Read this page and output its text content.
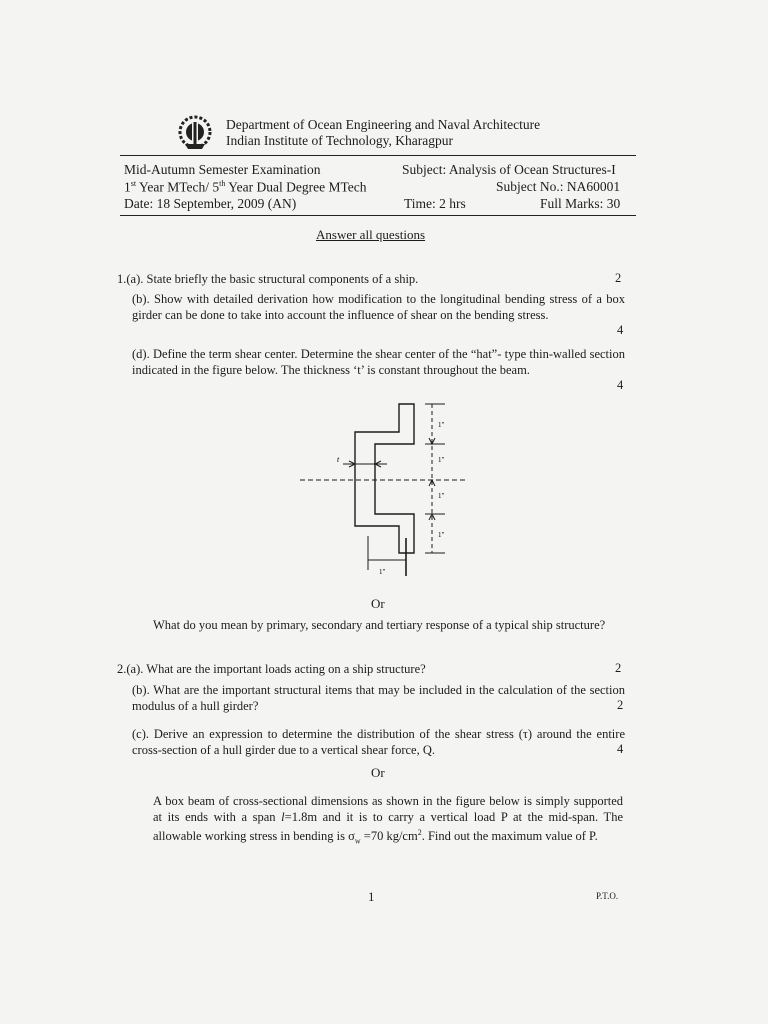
Department of Ocean Engineering and Naval Architecture
Indian Institute of Technology, Kharagpur
Mid-Autumn Semester Examination	Subject: Analysis of Ocean Structures-I
1st Year MTech/ 5th Year Dual Degree MTech	Subject No.: NA60001
Date: 18 September, 2009 (AN)	Time: 2 hrs	Full Marks: 30
Answer all questions
1.(a). State briefly the basic structural components of a ship.	2
(b). Show with detailed derivation how modification to the longitudinal bending stress of a box girder can be done to take into account the influence of shear on the bending stress.
4
(d). Define the term shear center. Determine the shear center of the “hat”- type thin-walled section indicated in the figure below. The thickness ‘t’ is constant throughout the beam.
4
t
1"
1"
1"
1"
1"
Or
What do you mean by primary, secondary and tertiary response of a typical ship structure?
2.(a). What are the important loads acting on a ship structure?	2
(b). What are the important structural items that may be included in the calculation of the section modulus of a hull girder?	2
(c). Derive an expression to determine the distribution of the shear stress (τ) around the entire cross-section of a hull girder due to a vertical shear force, Q.	4
Or
A box beam of cross-sectional dimensions as shown in the figure below is simply supported at its ends with a span l=1.8m and it is to carry a vertical load P at the mid-span. The allowable working stress in bending is $\sigma_w =70$ $kg/cm^2$. Find out the maximum value of P.
1	P.T.O.
